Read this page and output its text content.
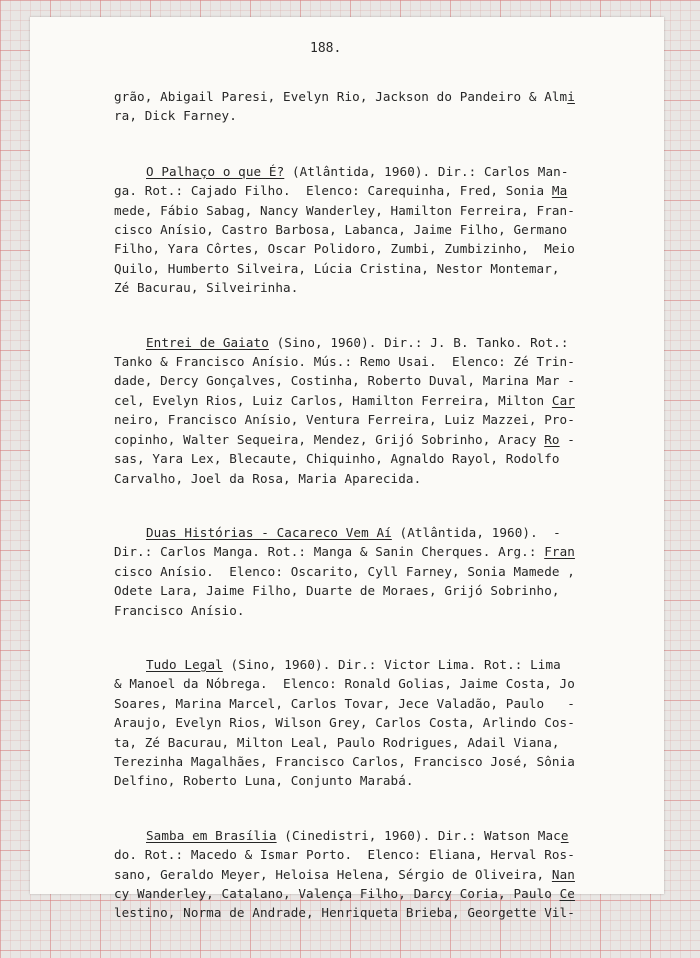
188.
grão, Abigail Paresi, Evelyn Rio, Jackson do Pandeiro & Almi
ra, Dick Farney.
O Palhaço o que É? (Atlântida, 1960). Dir.: Carlos Man-
ga. Rot.: Cajado Filho.  Elenco: Carequinha, Fred, Sonia Ma
mede, Fábio Sabag, Nancy Wanderley, Hamilton Ferreira, Fran-
cisco Anísio, Castro Barbosa, Labanca, Jaime Filho, Germano
Filho, Yara Côrtes, Oscar Polidoro, Zumbi, Zumbizinho,  Meio
Quilo, Humberto Silveira, Lúcia Cristina, Nestor Montemar,
Zé Bacurau, Silveirinha.
Entrei de Gaiato (Sino, 1960). Dir.: J. B. Tanko. Rot.:
Tanko & Francisco Anísio. Mús.: Remo Usai.  Elenco: Zé Trin-
dade, Dercy Gonçalves, Costinha, Roberto Duval, Marina Mar -
cel, Evelyn Rios, Luiz Carlos, Hamilton Ferreira, Milton Car
neiro, Francisco Anísio, Ventura Ferreira, Luiz Mazzei, Pro-
copinho, Walter Sequeira, Mendez, Grijó Sobrinho, Aracy Ro -
sas, Yara Lex, Blecaute, Chiquinho, Agnaldo Rayol, Rodolfo
Carvalho, Joel da Rosa, Maria Aparecida.
Duas Histórias - Cacareco Vem Aí (Atlântida, 1960).  -
Dir.: Carlos Manga. Rot.: Manga & Sanin Cherques. Arg.: Fran
cisco Anísio.  Elenco: Oscarito, Cyll Farney, Sonia Mamede ,
Odete Lara, Jaime Filho, Duarte de Moraes, Grijó Sobrinho,
Francisco Anísio.
Tudo Legal (Sino, 1960). Dir.: Victor Lima. Rot.: Lima
& Manoel da Nóbrega.  Elenco: Ronald Golias, Jaime Costa, Jo
Soares, Marina Marcel, Carlos Tovar, Jece Valadão, Paulo   -
Araujo, Evelyn Rios, Wilson Grey, Carlos Costa, Arlindo Cos-
ta, Zé Bacurau, Milton Leal, Paulo Rodrigues, Adail Viana,
Terezinha Magalhães, Francisco Carlos, Francisco José, Sônia
Delfino, Roberto Luna, Conjunto Marabá.
Samba em Brasília (Cinedistri, 1960). Dir.: Watson Mace
do. Rot.: Macedo & Ismar Porto.  Elenco: Eliana, Herval Ros-
sano, Geraldo Meyer, Heloisa Helena, Sérgio de Oliveira, Nan
cy Wanderley, Catalano, Valença Filho, Darcy Coria, Paulo Ce
lestino, Norma de Andrade, Henriqueta Brieba, Georgette Vil-
